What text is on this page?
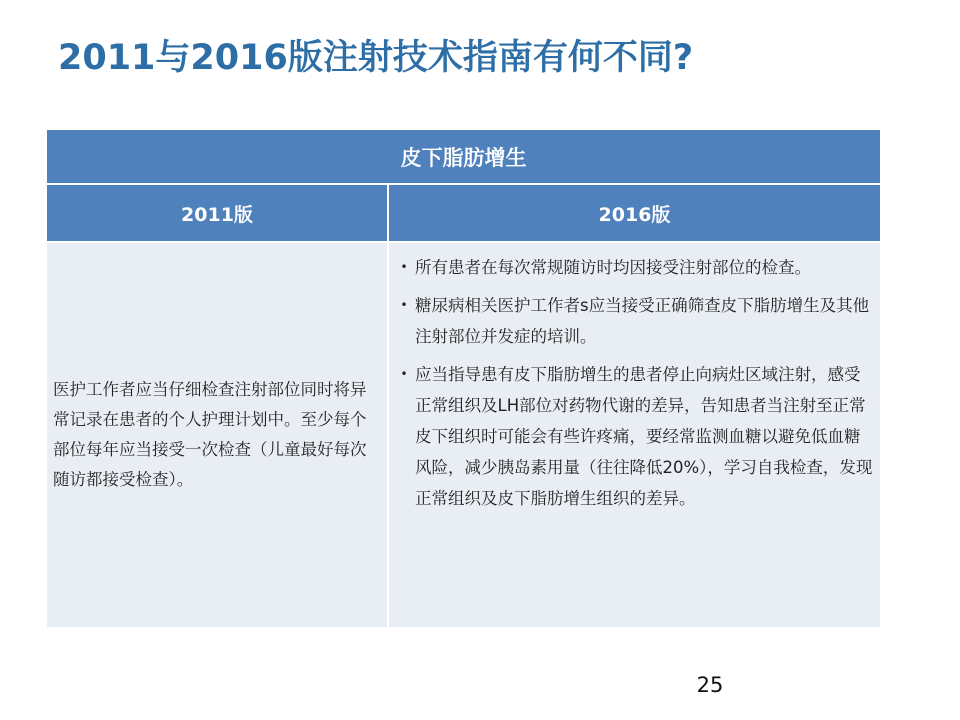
2011与2016版注射技术指南有何不同?
皮下脂肪增生
2011版	2016版
医护工作者应当仔细检查注射部位同时将异常记录在患者的个人护理计划中。至少每个部位每年应当接受一次检查（儿童最好每次随访都接受检查）。
• 所有患者在每次常规随访时均因接受注射部位的检查。
• 糖尿病相关医护工作者s应当接受正确筛查皮下脂肪增生及其他注射部位并发症的培训。
• 应当指导患有皮下脂肪增生的患者停止向病灶区域注射，感受正常组织及LH部位对药物代谢的差异，告知患者当注射至正常皮下组织时可能会有些许疼痛，要经常监测血糖以避免低血糖风险，减少胰岛素用量（往往降低20%），学习自我检查，发现正常组织及皮下脂肪增生组织的差异。
25
